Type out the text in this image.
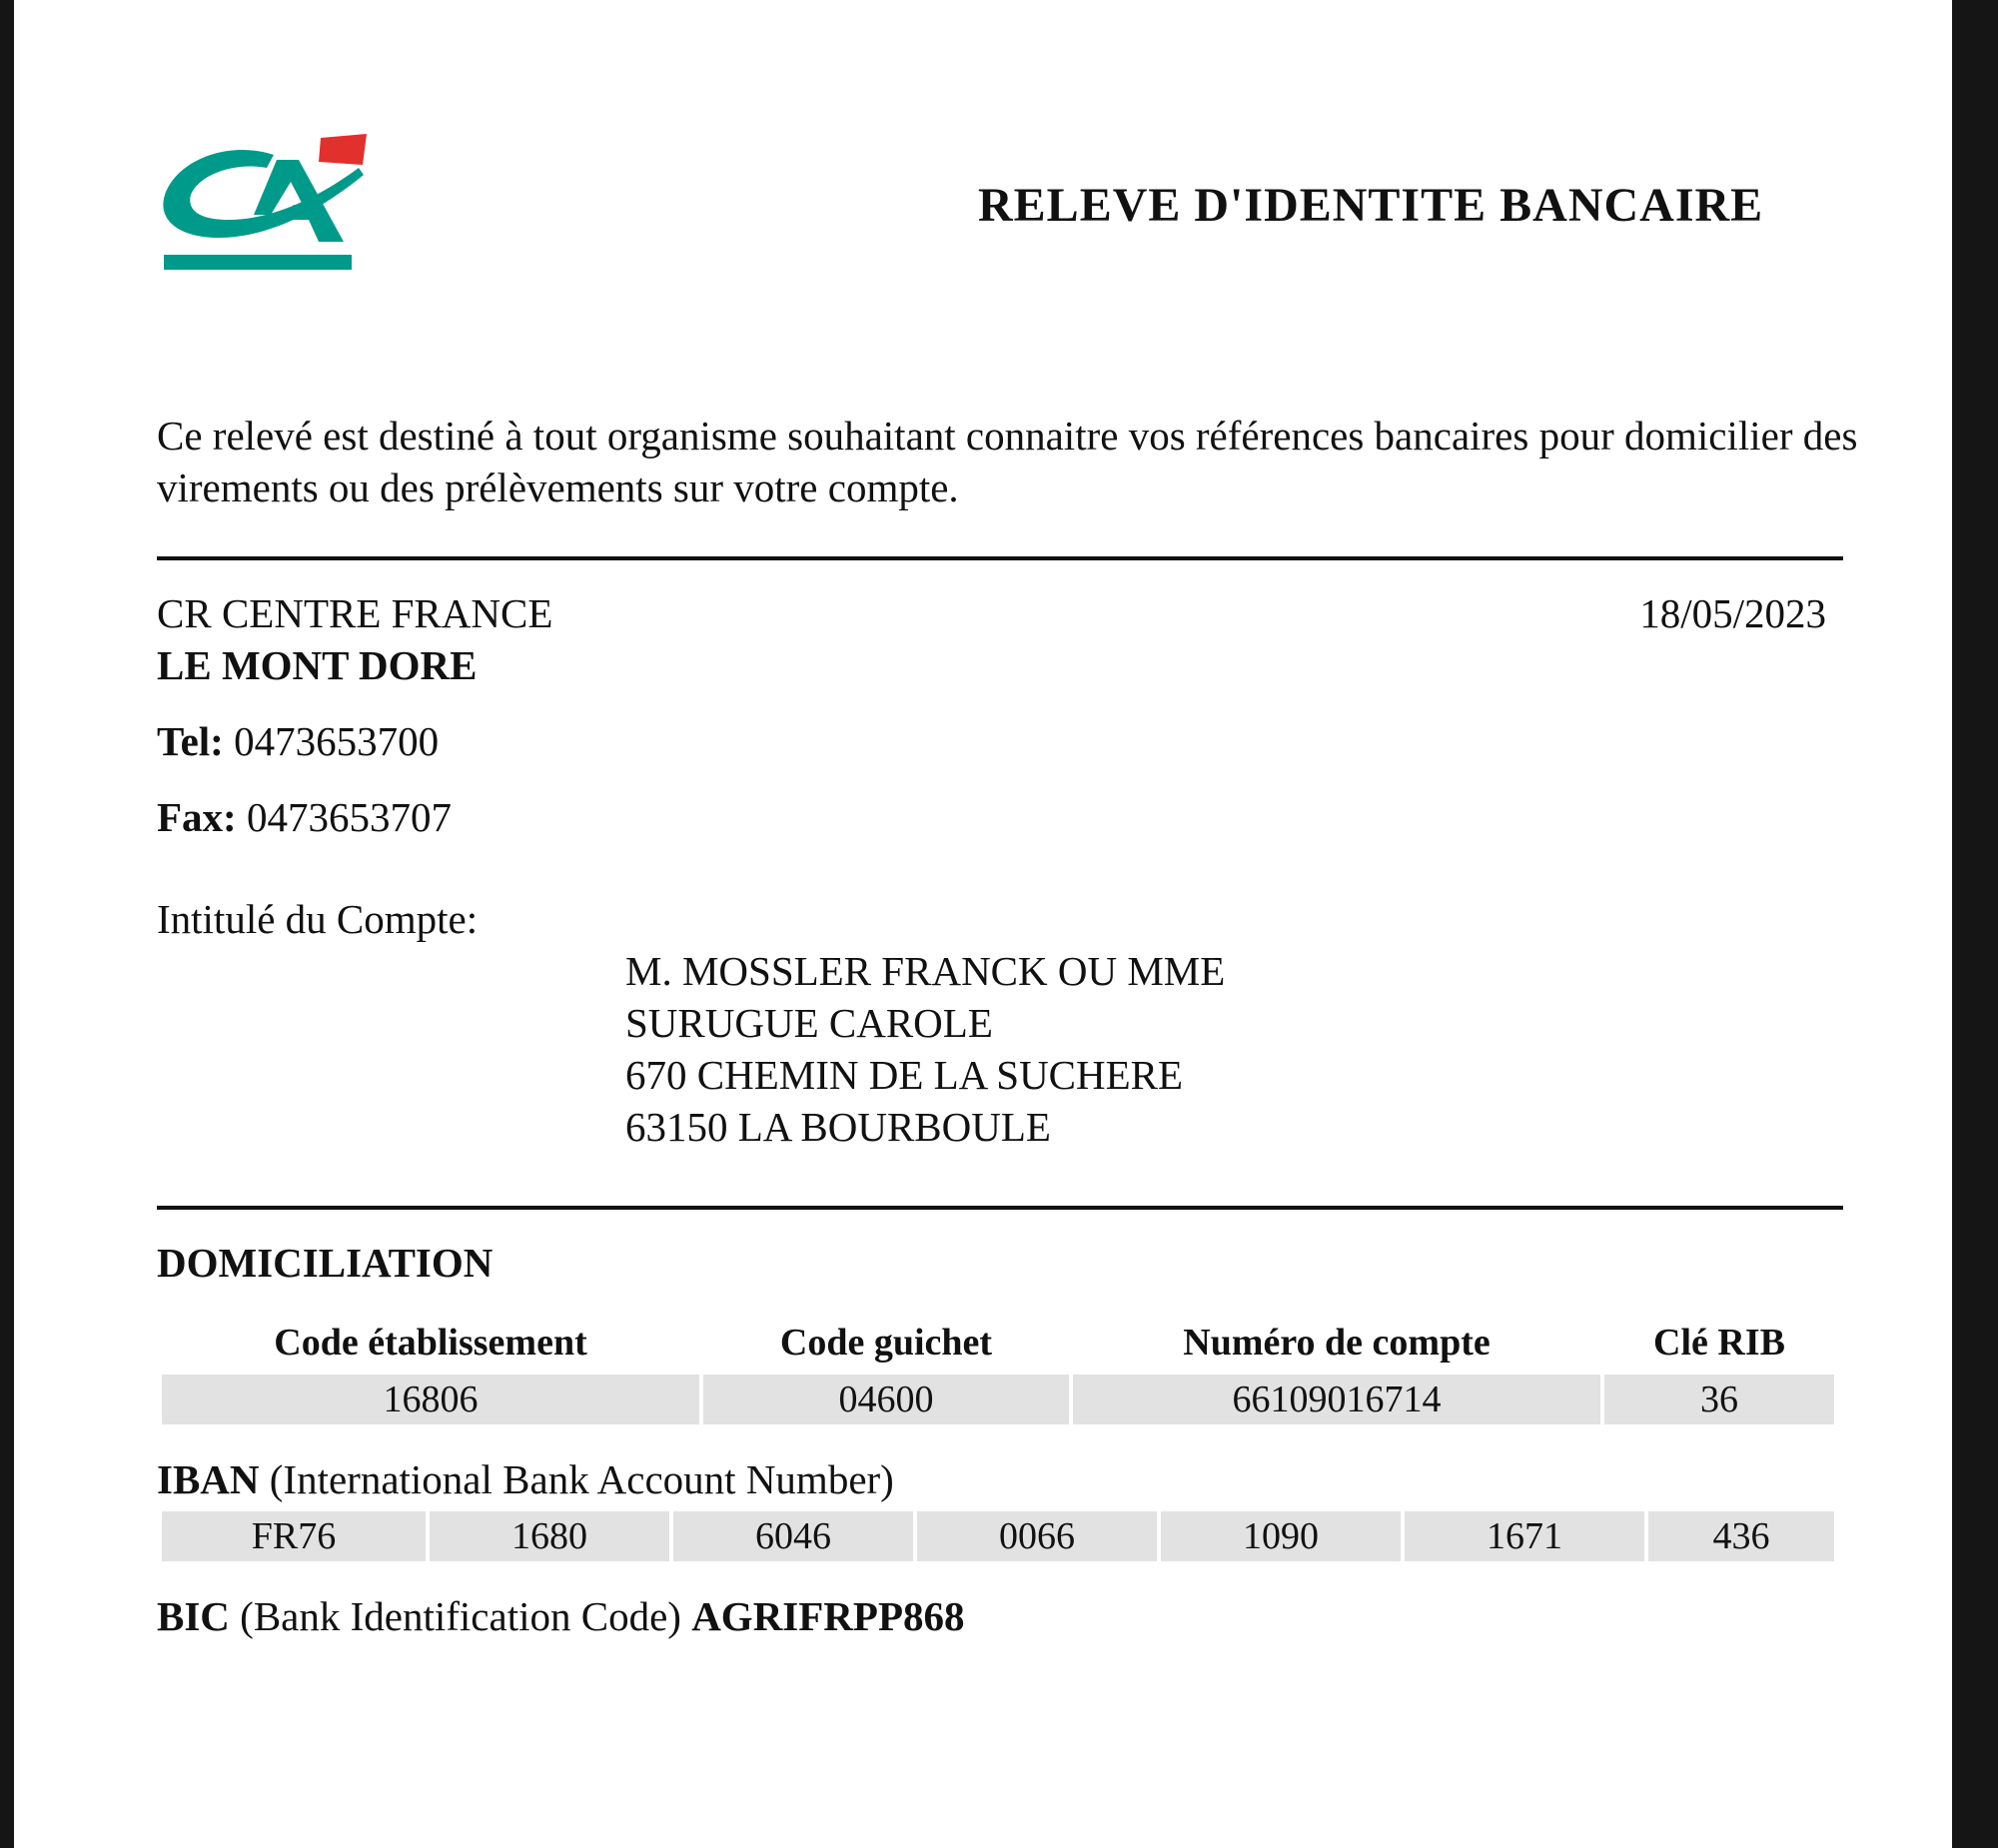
RELEVE D'IDENTITE BANCAIRE
Ce relevé est destiné à tout organisme souhaitant connaitre vos références bancaires pour domicilier des virements ou des prélèvements sur votre compte.
CR CENTRE FRANCE
LE MONT DORE
18/05/2023
Tel: 0473653700
Fax: 0473653707
Intitulé du Compte:
M. MOSSLER FRANCK OU MME
SURUGUE CAROLE
670 CHEMIN DE LA SUCHERE
63150 LA BOURBOULE
DOMICILIATION
Code établissement	Code guichet	Numéro de compte	Clé RIB
16806	04600	66109016714	36
IBAN (International Bank Account Number)
FR76	1680	6046	0066	1090	1671	436
BIC (Bank Identification Code) AGRIFRPP868
